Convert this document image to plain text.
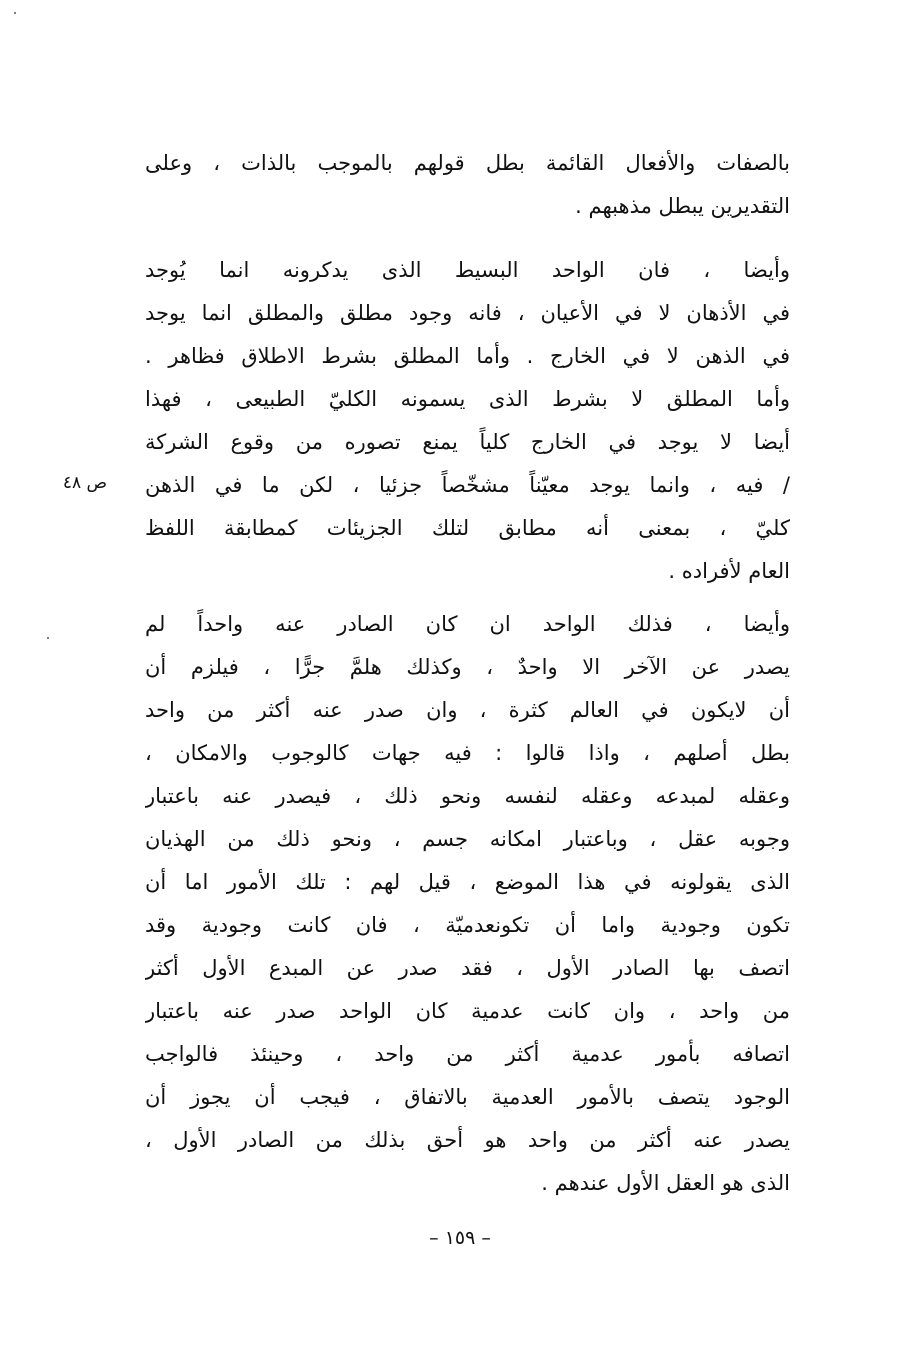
بالصفات والأفعال القائمة بطل قولهم بالموجب بالذات ، وعلى
التقديرين يبطل مذهبهم .
وأيضا ، فان الواحد البسيط الذى يدكرونه انما يُوجد
في الأذهان لا في الأعيان ، فانه وجود مطلق والمطلق انما يوجد
في الذهن لا في الخارج . وأما المطلق بشرط الاطلاق فظاهر .
وأما المطلق لا بشرط الذى يسمونه الكليّ الطبيعى ، فهذا
أيضا لا يوجد في الخارج كلياً يمنع تصوره من وقوع الشركة
/ فيه ، وانما يوجد معيّناً مشخّصاً جزئيا ، لكن ما في الذهن
كليّ ، بمعنى أنه مطابق لتلك الجزيئات كمطابقة اللفظ
العام لأفراده .
ص ٤٨
وأيضا ، فذلك الواحد ان كان الصادر عنه واحداً لم
يصدر عن الآخر الا واحدٌ ، وكذلك هلمَّ جرًّا ، فيلزم أن
أن لايكون في العالم كثرة ، وان صدر عنه أكثر من واحد
بطل أصلهم ، واذا قالوا : فيه جهات كالوجوب والامكان ،
وعقله لمبدعه وعقله لنفسه ونحو ذلك ، فيصدر عنه باعتبار
وجوبه عقل ، وباعتبار امكانه جسم ، ونحو ذلك من الهذيان
الذى يقولونه في هذا الموضع ، قيل لهم : تلك الأمور اما أن
تكون وجودية واما أن تكونعدميّة ، فان كانت وجودية وقد
اتصف بها الصادر الأول ، فقد صدر عن المبدع الأول أكثر
من واحد ، وان كانت عدمية كان الواحد صدر عنه باعتبار
اتصافه بأمور عدمية أكثر من واحد ، وحينئذ فالواجب
الوجود يتصف بالأمور العدمية بالاتفاق ، فيجب أن يجوز أن
يصدر عنه أكثر من واحد هو أحق بذلك من الصادر الأول ،
الذى هو العقل الأول عندهم .
– ١٥٩ –
